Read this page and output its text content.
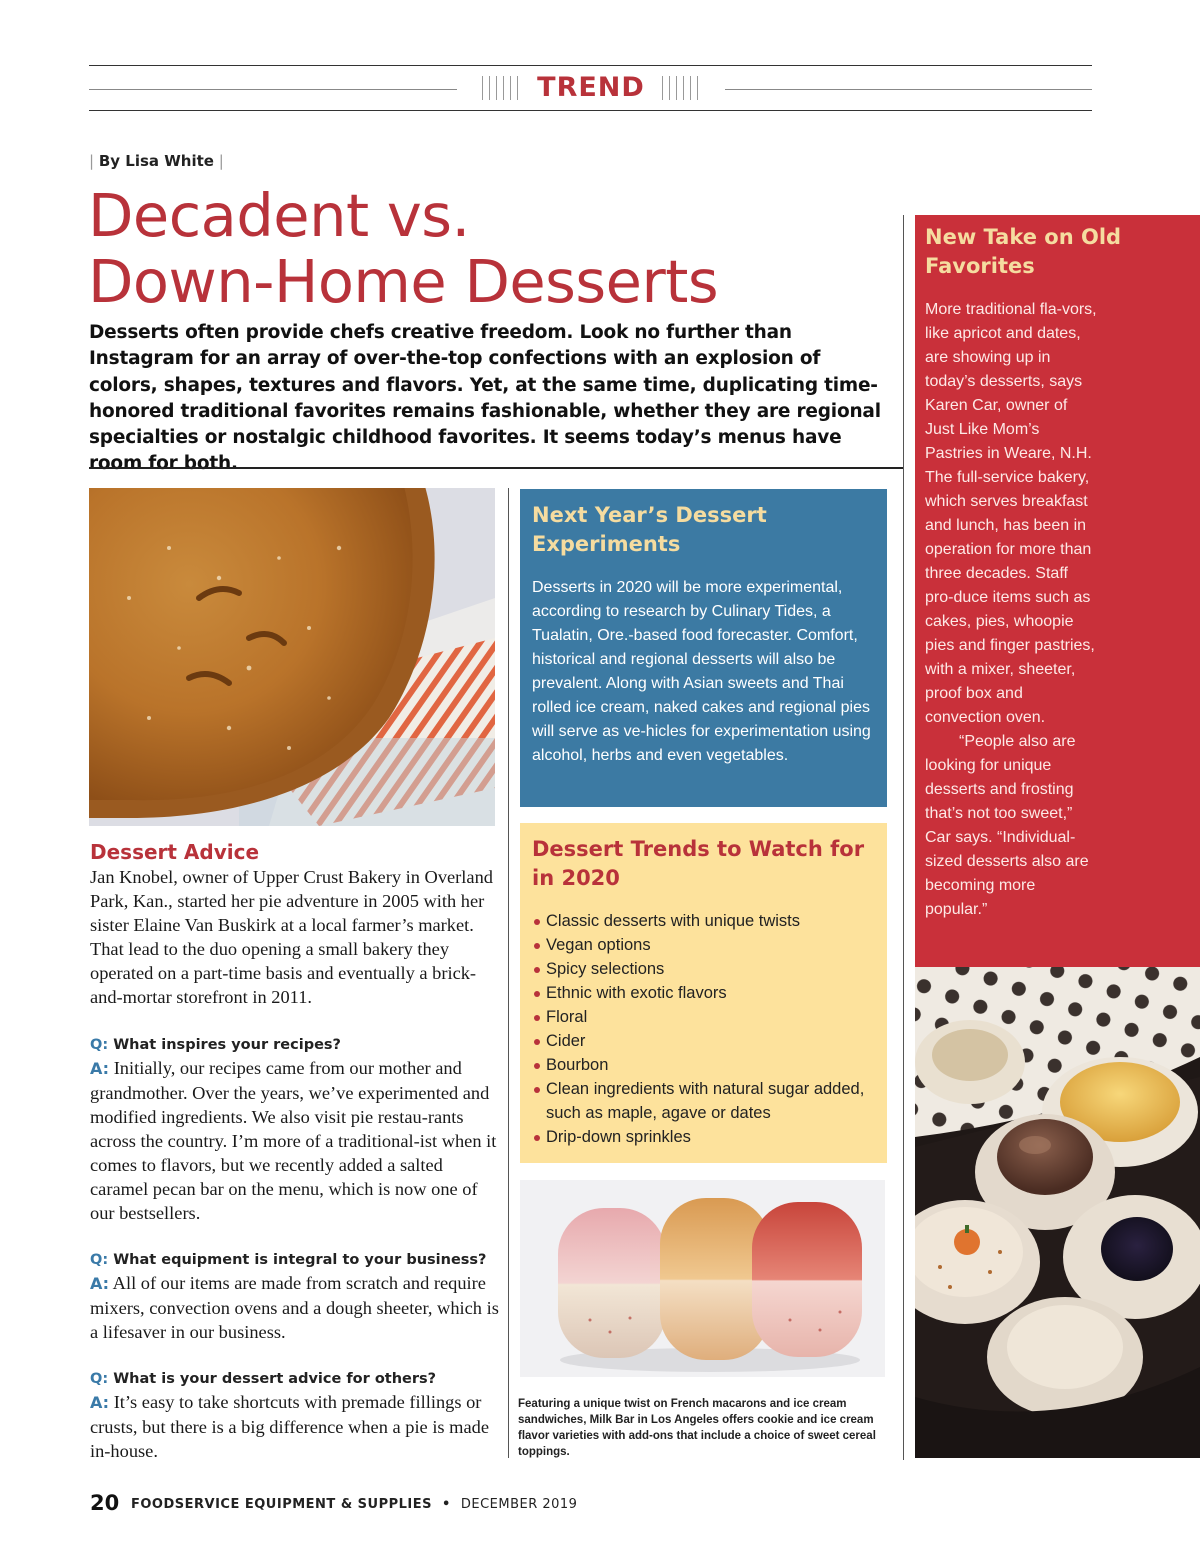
TREND
| By Lisa White |
Decadent vs.
Down-Home Desserts

Desserts often provide chefs creative freedom. Look no further than Instagram for an array of over-the-top confections with an explosion of colors, shapes, textures and flavors. Yet, at the same time, duplicating time-honored traditional favorites remains fashionable, whether they are regional specialties or nostalgic childhood favorites. It seems today’s menus have room for both.

Dessert Advice

Jan Knobel, owner of Upper Crust Bakery in Overland Park, Kan., started her pie adventure in 2005 with her sister Elaine Van Buskirk at a local farmer’s market. That lead to the duo opening a small bakery they operated on a part-time basis and eventually a brick-and-mortar storefront in 2011.

Q: What inspires your recipes?

A: Initially, our recipes came from our mother and grandmother. Over the years, we’ve experimented and modified ingredients. We also visit pie restau-rants across the country. I’m more of a traditional-ist when it comes to flavors, but we recently added a salted caramel pecan bar on the menu, which is now one of our bestsellers.

Q: What equipment is integral to your business?

A: All of our items are made from scratch and require mixers, convection ovens and a dough sheeter, which is a lifesaver in our business.

Q: What is your dessert advice for others?

A: It’s easy to take shortcuts with premade fillings or crusts, but there is a big difference when a pie is made in-house.

Next Year’s Dessert Experiments

Desserts in 2020 will be more experimental, according to research by Culinary Tides, a Tualatin, Ore.-based food forecaster. Comfort, historical and regional desserts will also be prevalent. Along with Asian sweets and Thai rolled ice cream, naked cakes and regional pies will serve as ve-hicles for experimentation using alcohol, herbs and even vegetables.

Dessert Trends to Watch for in 2020
Classic desserts with unique twists
Vegan options
Spicy selections
Ethnic with exotic flavors
Floral
Cider
Bourbon
Clean ingredients with natural sugar added, such as maple, agave or dates
Drip-down sprinkles

Featuring a unique twist on French macarons and ice cream sandwiches, Milk Bar in Los Angeles offers cookie and ice cream flavor varieties with add-ons that include a choice of sweet cereal toppings.

New Take on Old Favorites

More traditional fla-vors, like apricot and dates, are showing up in today’s desserts, says Karen Car, owner of Just Like Mom’s Pastries in Weare, N.H. The full-service bakery, which serves breakfast and lunch, has been in operation for more than three decades. Staff pro-duce items such as cakes, pies, whoopie pies and finger pastries, with a mixer, sheeter, proof box and convection oven.

“People also are looking for unique desserts and frosting that’s not too sweet,” Car says. “Individual-sized desserts also are becoming more popular.”

20 FOODSERVICE EQUIPMENT & SUPPLIES • DECEMBER 2019
